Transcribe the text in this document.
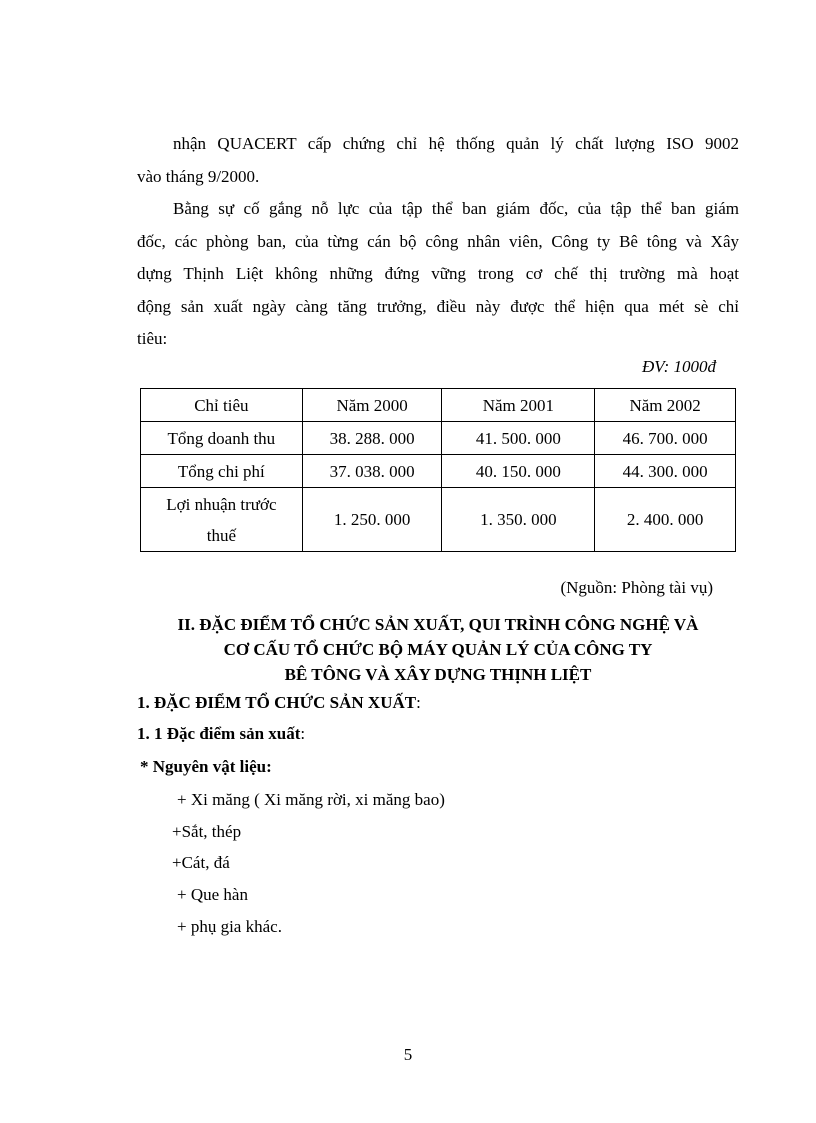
nhận QUACERT cấp chứng chỉ hệ thống quản lý chất lượng ISO 9002
vào tháng 9/2000.
Bằng sự cố gắng nỗ lực của tập thể ban giám đốc, của tập thể ban giám
đốc, các phòng ban, của từng cán bộ công nhân viên, Công ty Bê tông và Xây
dựng Thịnh Liệt không những đứng vững trong cơ chế thị trường mà hoạt
động sản xuất ngày càng tăng trưởng, điều này được thể hiện qua mét sè chỉ
tiêu:
ĐV: 1000đ
Chỉ tiêu	Năm 2000	Năm 2001	Năm 2002
Tổng doanh thu	38. 288. 000	41. 500. 000	46. 700. 000
Tổng chi phí	37. 038. 000	40. 150. 000	44. 300. 000

Lợi nhuận trước
thuế	1. 250. 000	1. 350. 000	2. 400. 000
(Nguồn: Phòng tài vụ)
II. ĐẶC ĐIỂM TỔ CHỨC SẢN XUẤT, QUI TRÌNH CÔNG NGHỆ VÀ
CƠ CẤU TỔ CHỨC BỘ MÁY QUẢN LÝ CỦA CÔNG TY
BÊ TÔNG VÀ XÂY DỰNG THỊNH LIỆT
1. ĐẶC ĐIỂM TỔ CHỨC SẢN XUẤT:
1. 1 Đặc điểm sản xuất:
* Nguyên vật liệu:
+ Xi măng ( Xi măng rời, xi măng bao)
+Sắt, thép
+Cát, đá
+ Que hàn
+ phụ gia khác.
5
